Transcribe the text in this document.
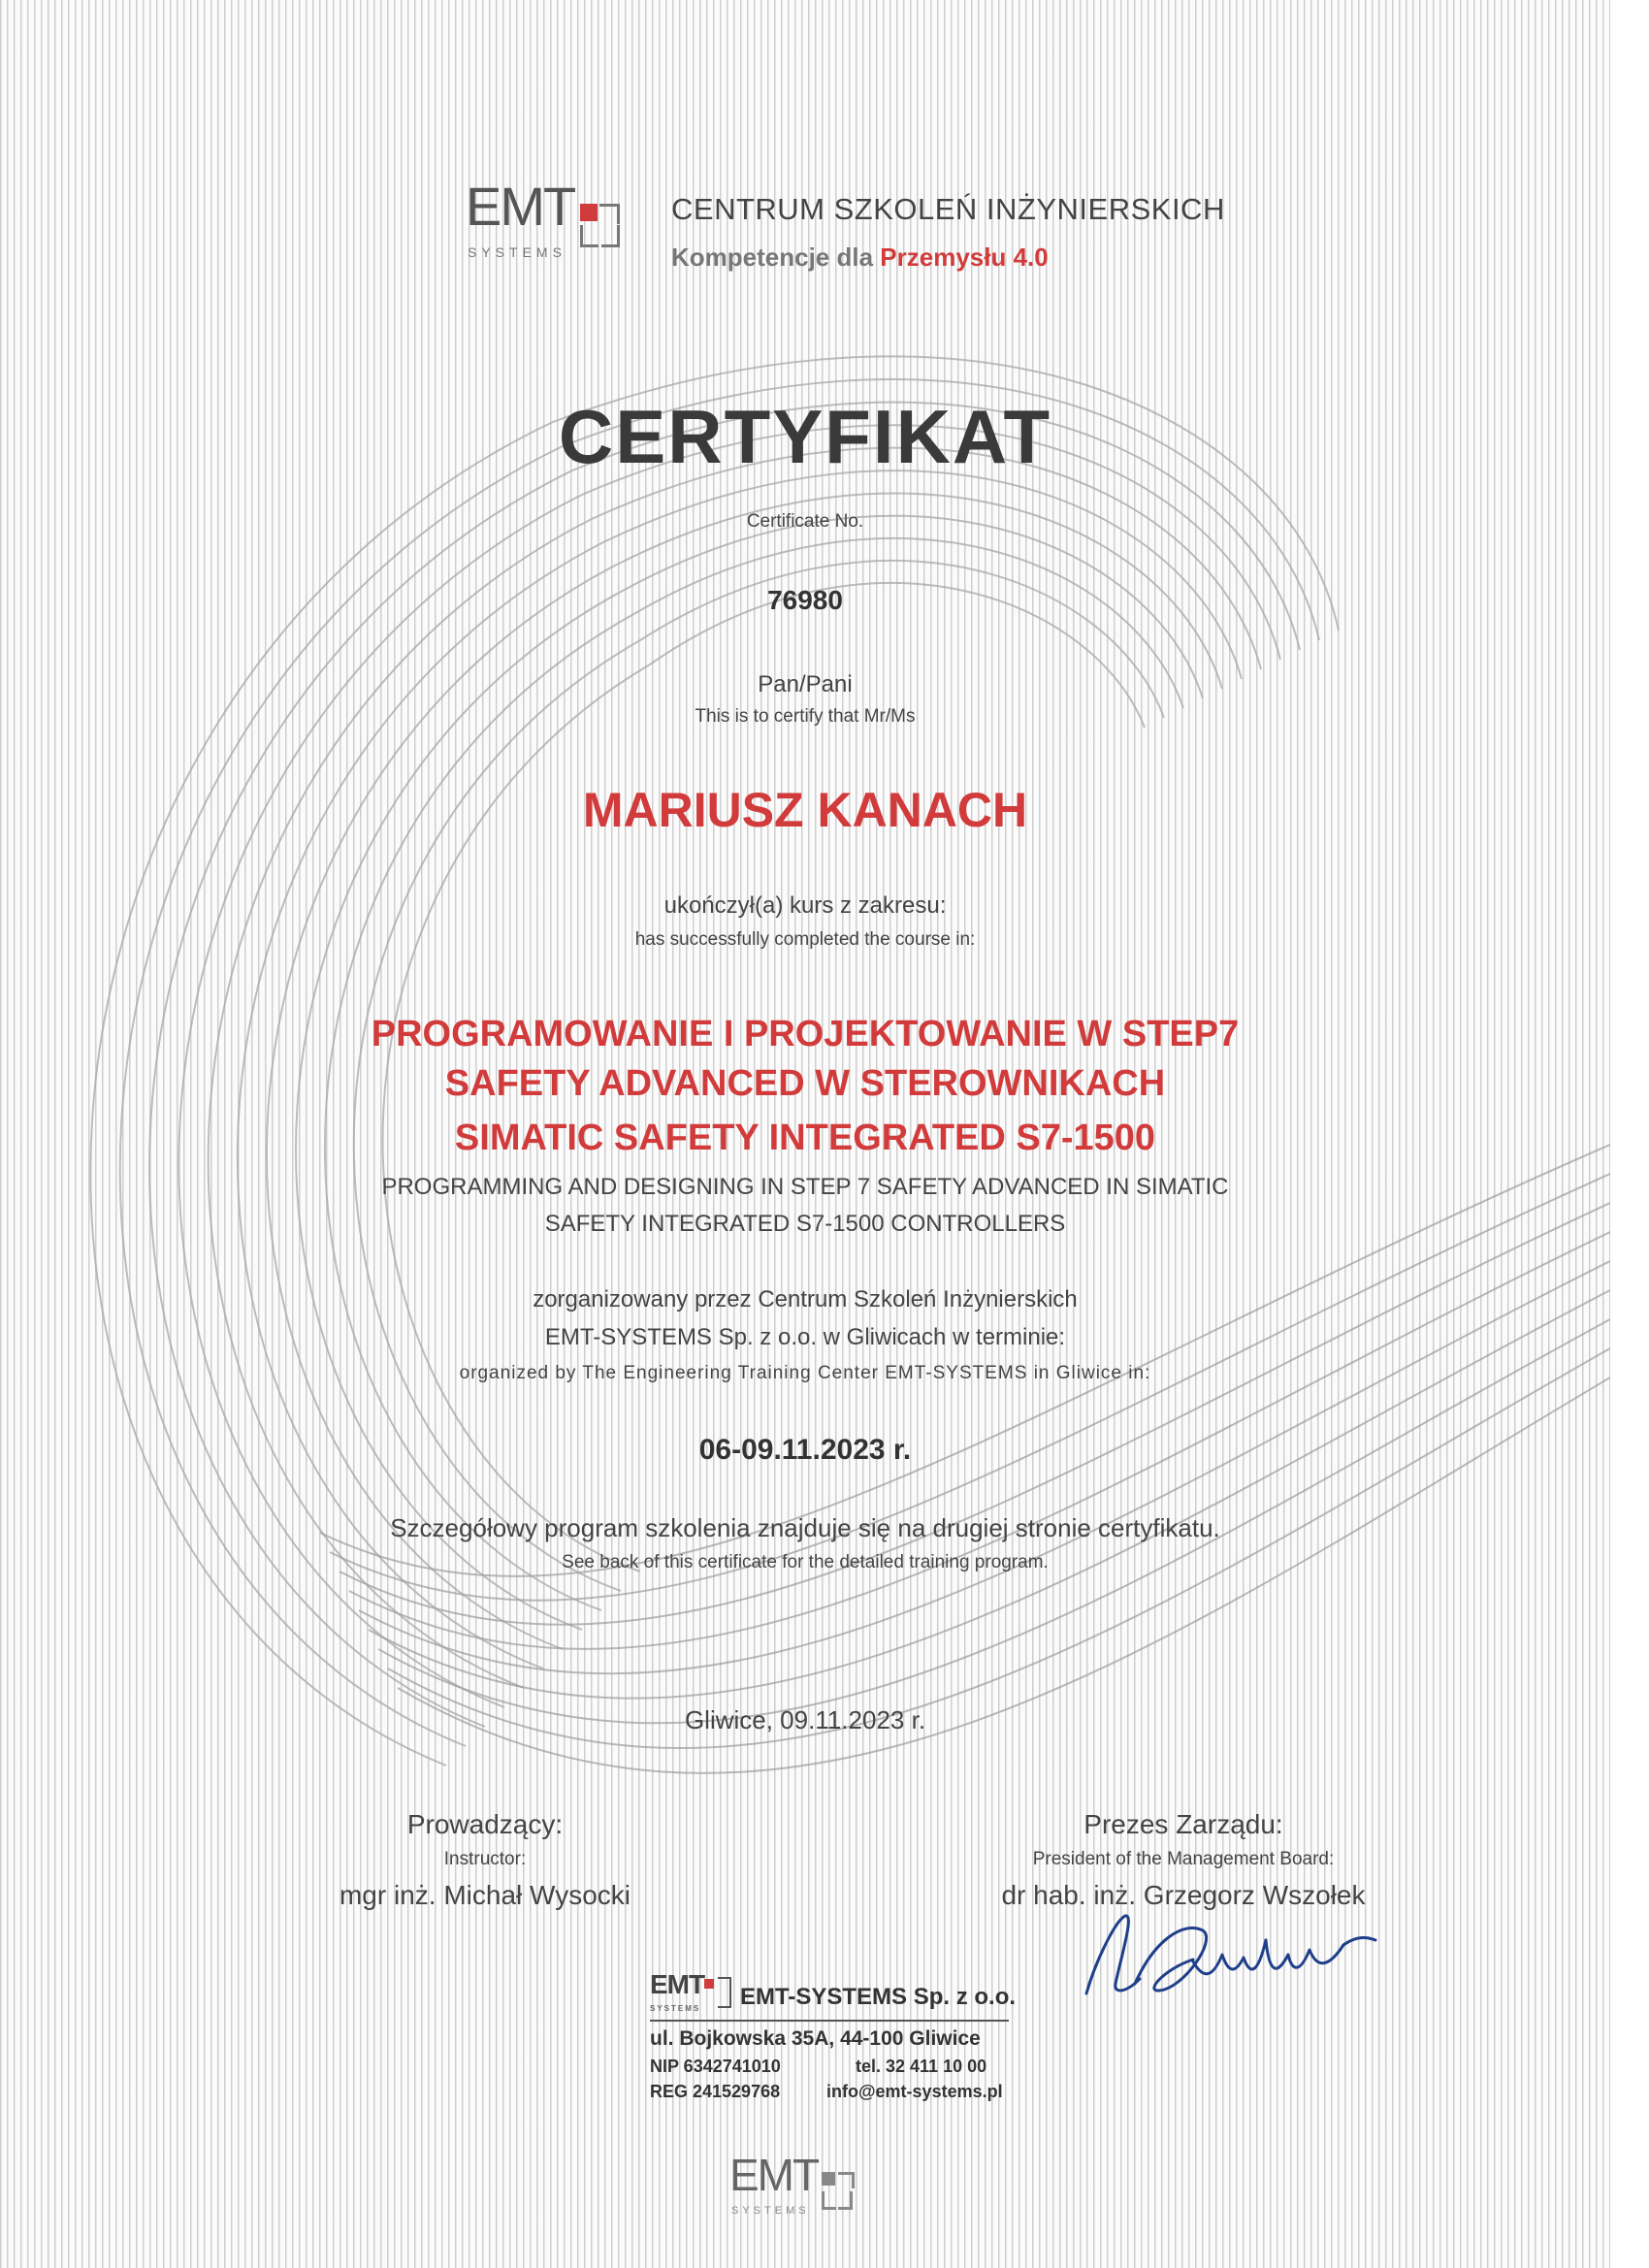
EMT
SYSTEMS
CENTRUM SZKOLEŃ INŻYNIERSKICH
Kompetencje dla Przemysłu 4.0
CERTYFIKAT
Certificate No.
76980
Pan/Pani
This is to certify that Mr/Ms
MARIUSZ KANACH
ukończył(a) kurs z zakresu:
has successfully completed the course in:
PROGRAMOWANIE I PROJEKTOWANIE W STEP7
SAFETY ADVANCED W STEROWNIKACH
SIMATIC SAFETY INTEGRATED S7-1500
PROGRAMMING AND DESIGNING IN STEP 7 SAFETY ADVANCED IN SIMATIC
SAFETY INTEGRATED S7-1500 CONTROLLERS
zorganizowany przez Centrum Szkoleń Inżynierskich
EMT-SYSTEMS Sp. z o.o. w Gliwicach w terminie:
organized by The Engineering Training Center EMT-SYSTEMS in Gliwice in:
06-09.11.2023 r.
Szczegółowy program szkolenia znajduje się na drugiej stronie certyfikatu.
See back of this certificate for the detailed training program.
Gliwice, 09.11.2023 r.
Prowadzący:
Instructor:
mgr inż. Michał Wysocki
Prezes Zarządu:
President of the Management Board:
dr hab. inż. Grzegorz Wszołek
EMT
SYSTEMS EMT-SYSTEMS Sp. z o.o.
ul. Bojkowska 35A, 44-100 Gliwice
NIP 6342741010	tel. 32 411 10 00
REG 241529768	info@emt-systems.pl
EMT
SYSTEMS
